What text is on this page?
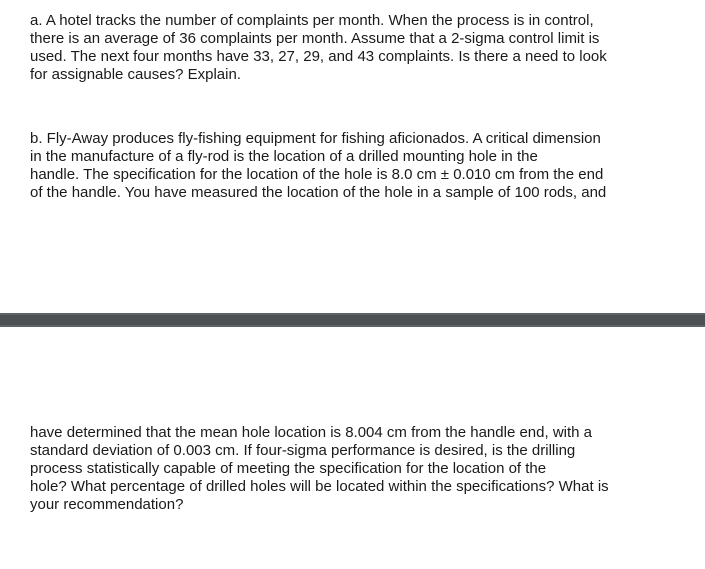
a. A hotel tracks the number of complaints per month. When the process is in control,
there is an average of 36 complaints per month. Assume that a 2-sigma control limit is
used. The next four months have 33, 27, 29, and 43 complaints. Is there a need to look
for assignable causes? Explain.
b. Fly-Away produces fly-fishing equipment for fishing aficionados. A critical dimension
in the manufacture of a fly-rod is the location of a drilled mounting hole in the
handle. The specification for the location of the hole is 8.0 cm ± 0.010 cm from the end
of the handle. You have measured the location of the hole in a sample of 100 rods, and
have determined that the mean hole location is 8.004 cm from the handle end, with a
standard deviation of 0.003 cm. If four-sigma performance is desired, is the drilling
process statistically capable of meeting the specification for the location of the
hole? What percentage of drilled holes will be located within the specifications? What is
your recommendation?
